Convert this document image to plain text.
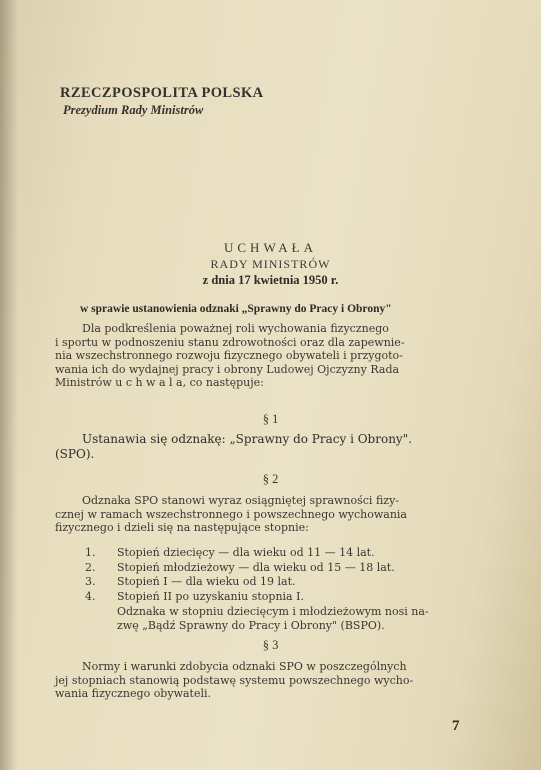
RZECZPOSPOLITA POLSKA
Prezydium Rady Ministrów
UCHWAŁA
RADY MINISTRÓW
z dnia 17 kwietnia 1950 r.
w sprawie ustanowienia odznaki „Sprawny do Pracy i Obrony"
Dla podkreślenia poważnej roli wychowania fizycznego
i sportu w podnoszeniu stanu zdrowotności oraz dla zapewnie-
nia wszechstronnego rozwoju fizycznego obywateli i przygoto-
wania ich do wydajnej pracy i obrony Ludowej Ojczyzny Rada
Ministrów u c h w a l a, co następuje:
§ 1
Ustanawia się odznakę: „Sprawny do Pracy i Obrony".
(SPO).
§ 2
Odznaka SPO stanowi wyraz osiągniętej sprawności fizy-
cznej w ramach wszechstronnego i powszechnego wychowania
fizycznego i dzieli się na następujące stopnie:
1.	Stopień dziecięcy — dla wieku od 11 — 14 lat.
2.	Stopień młodzieżowy — dla wieku od 15 — 18 lat.
3.	Stopień I — dla wieku od 19 lat.
4.	Stopień II po uzyskaniu stopnia I.
Odznaka w stopniu dziecięcym i młodzieżowym nosi na-
zwę „Bądź Sprawny do Pracy i Obrony" (BSPO).
§ 3
Normy i warunki zdobycia odznaki SPO w poszczególnych
jej stopniach stanowią podstawę systemu powszechnego wycho-
wania fizycznego obywateli.
7
